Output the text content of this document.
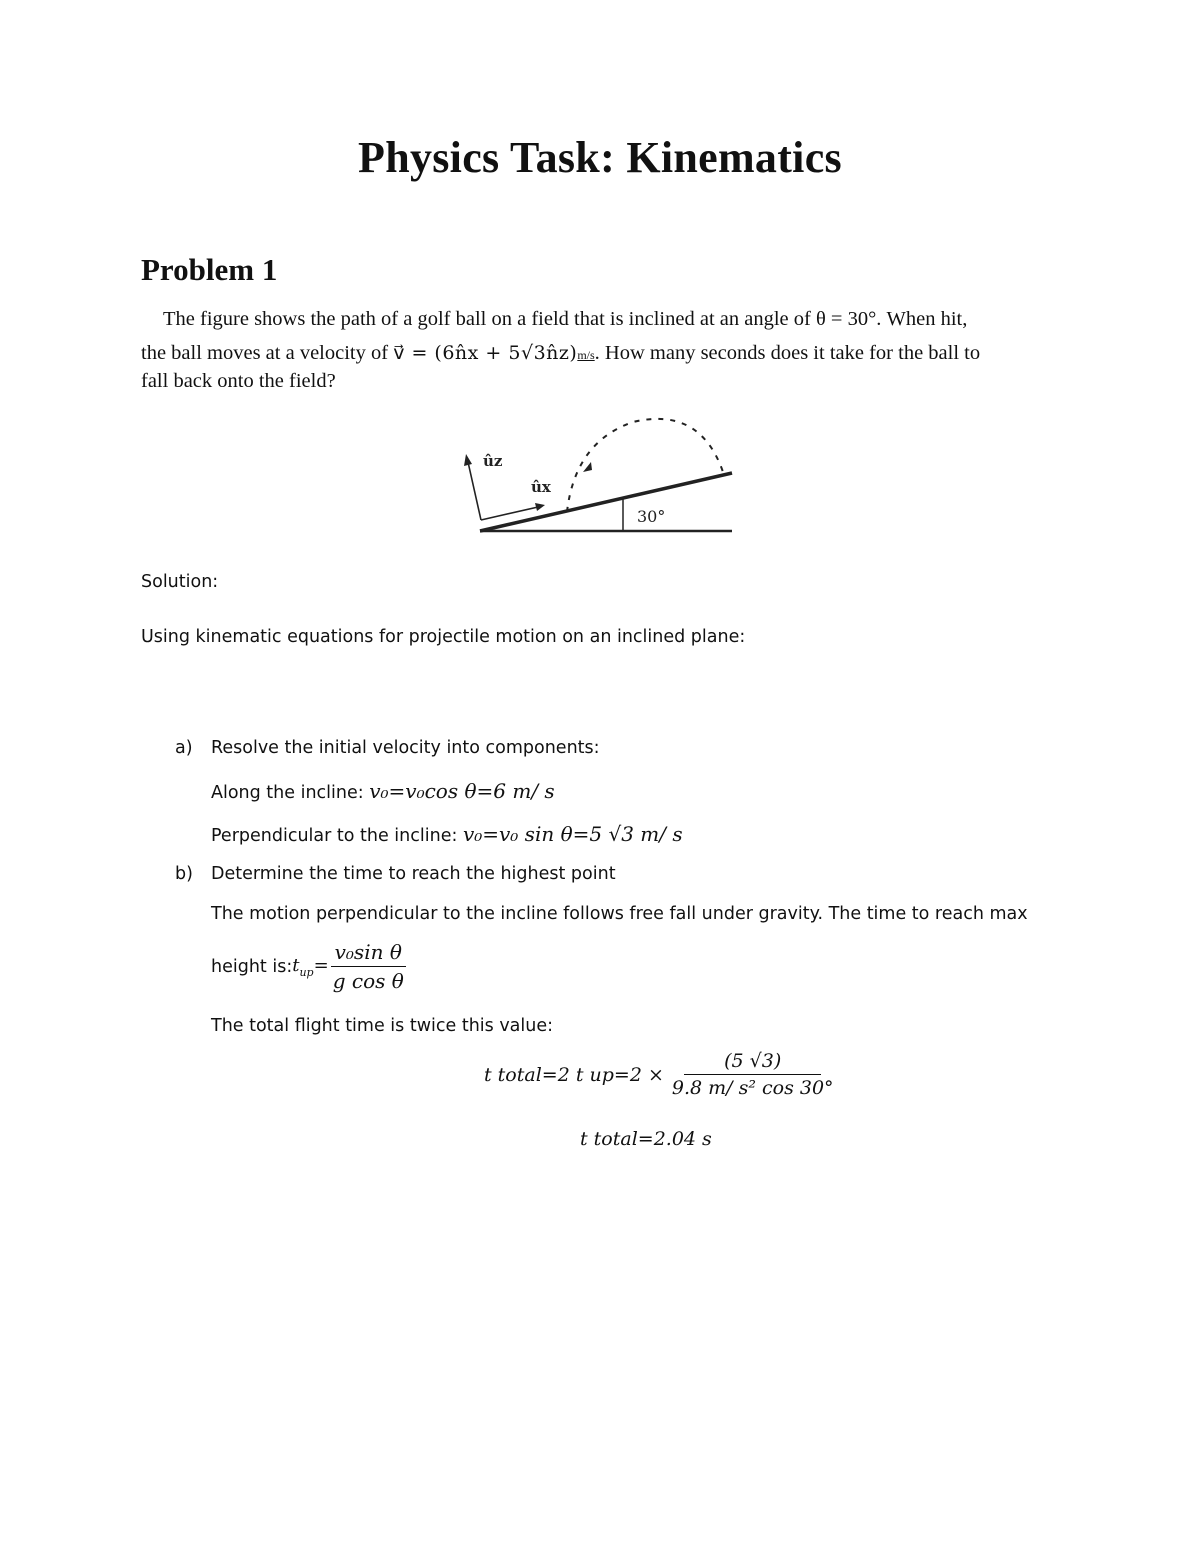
Physics Task: Kinematics
Problem 1
The figure shows the path of a golf ball on a field that is inclined at an angle of θ = 30°. When hit,
the ball moves at a velocity of v⃗ = (6n̂x + 5√3n̂z)m/s. How many seconds does it take for the ball to
fall back onto the field?
30°
ûz
ûx
Solution:
Using kinematic equations for projectile motion on an inclined plane:
a) Resolve the initial velocity into components:
Along the incline: v₀=v₀cos θ=6 m/ s
Perpendicular to the incline: v₀=v₀ sin θ=5 √3 m/ s
b) Determine the time to reach the highest point
The motion perpendicular to the incline follows free fall under gravity. The time to reach max
height is: $t_{up}= \frac{\text{v₀sin θ}}{\text{g cos θ}}$
The total flight time is twice this value:
t total=2 t $up=2 \times \frac{(5 √3)}{\text{9.8 m/ s² cos 30°}}$
t total=2.04 s
